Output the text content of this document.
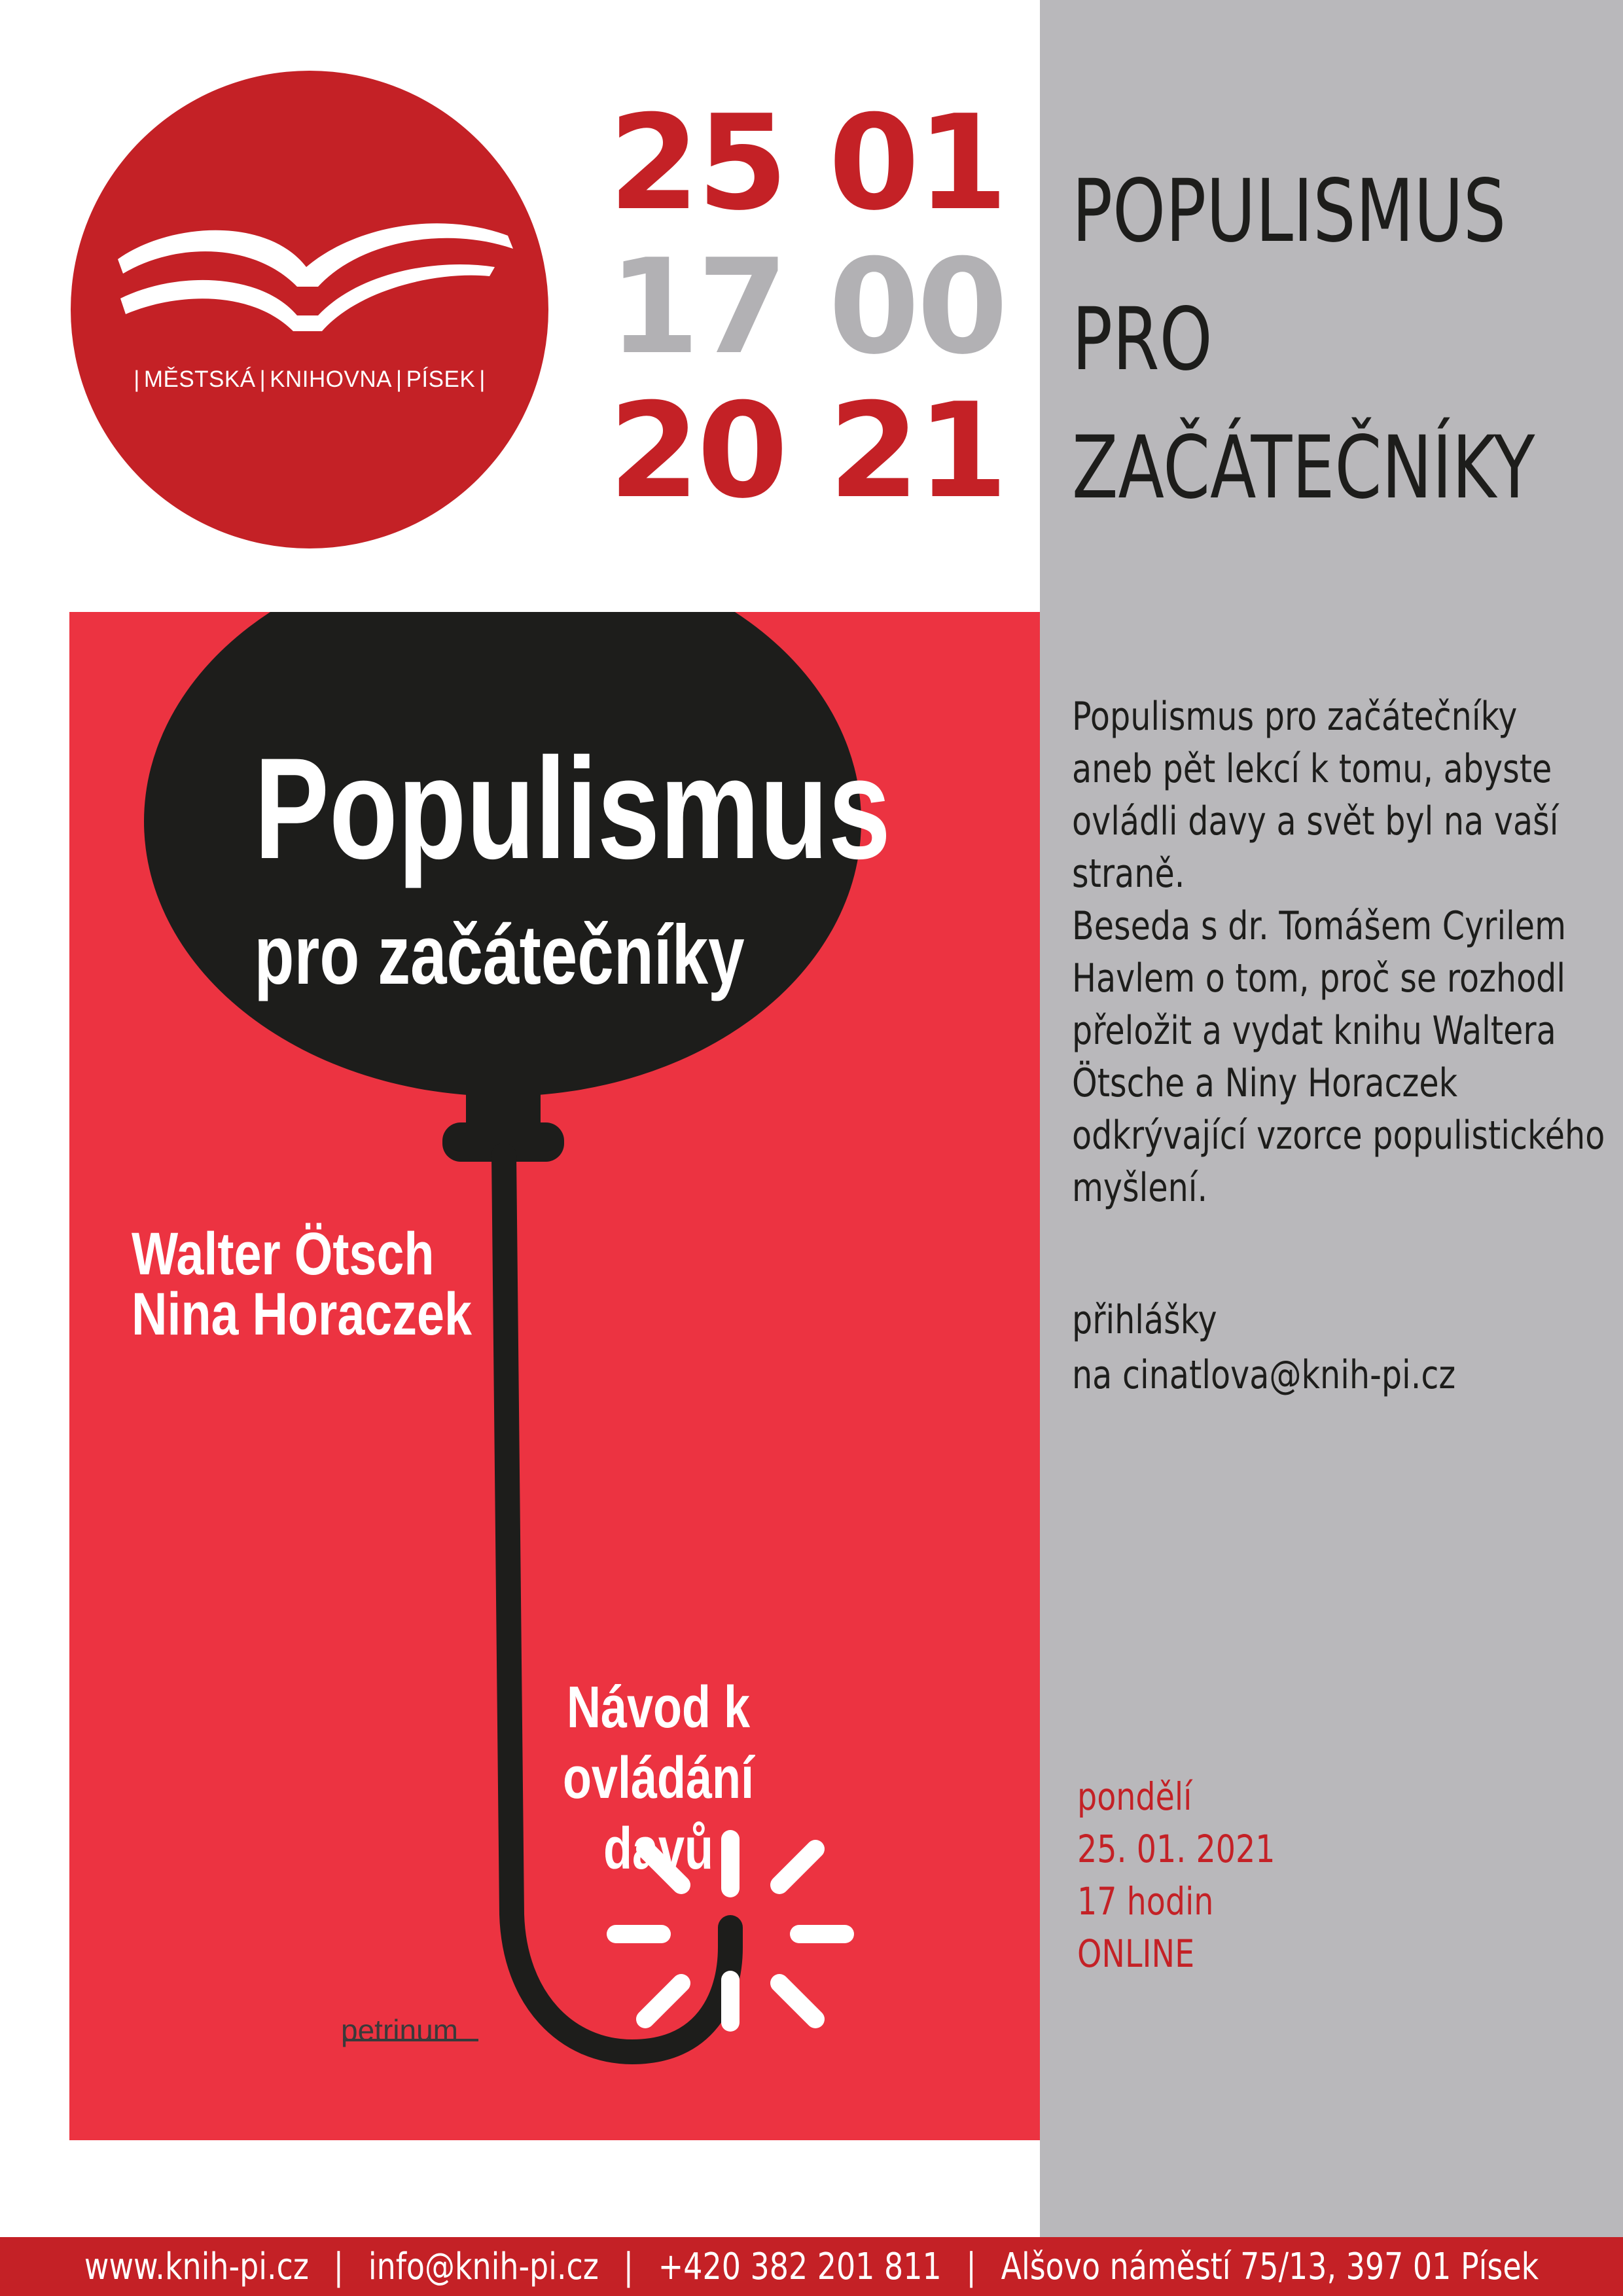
| MĚSTSKÁ | KNIHOVNA | PÍSEK |
25 01
17 00
20 21
POPULISMUS
PRO
ZAČÁTEČNÍKY
Populismus
pro začátečníky
Walter Ötsch
Nina Horaczek
Návod k ovládání
davů
petrinum
Populismus pro začátečníky
aneb pět lekcí k tomu, abyste
ovládli davy a svět byl na vaší
straně.
Beseda s dr. Tomášem Cyrilem
Havlem o tom, proč se rozhodl
přeložit a vydat knihu Waltera
Ötsche a Niny Horaczek
odkrývající vzorce populistického
myšlení.
přihlášky
na cinatlova@knih-pi.cz
pondělí
25. 01. 2021
17 hodin
ONLINE
www.knih-pi.cz | info@knih-pi.cz | +420 382 201 811 | Alšovo náměstí 75/13, 397 01 Písek
